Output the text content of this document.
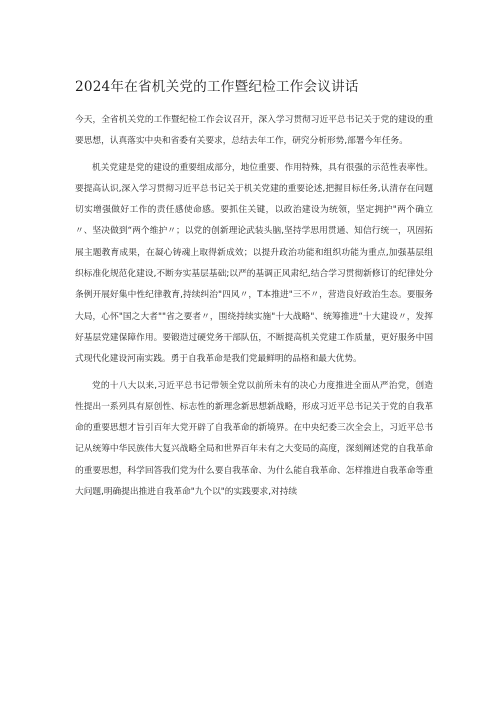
2024年在省机关党的工作暨纪检工作会议讲话

今天，全省机关党的工作暨纪检工作会议召开，深入学习贯彻习近平总书记关于党的建设的重要思想，认真落实中央和省委有关要求，总结去年工作，研究分析形势,部署今年任务。

机关党建是党的建设的重要组成部分，地位重要、作用特殊，具有很强的示范性表率性。要提高认识,深入学习贯彻习近平总书记关于机关党建的重要论述,把握目标任务,认清存在问题切实增强做好工作的责任感使命感。要抓住关键，以政治建设为统领，坚定拥护"两个确立〃、坚决做到“两个维护〃；以党的创新理论武装头脑,坚持学思用贯通、知信行统一，巩固拓展主题教育成果，在凝心铸魂上取得新成效；以提升政治功能和组织功能为重点,加强基层组织标准化规范化建设,不断夯实基层基础;以严的基调正风肃纪,结合学习贯彻新修订的纪律处分条例开展好集中性纪律教育,持续纠治"四风〃，T本推进"三不〃，营造良好政治生态。要服务大局，心怀"国之大者""省之要者〃，围绕持续实施"十大战略"、统筹推进“十大建设〃，发挥好基层党建保障作用。要锻造过硬党务干部队伍，不断提高机关党建工作质量，更好服务中国式现代化建设河南实践。勇于自我革命是我们党最鲜明的品格和最大优势。

党的十八大以来,习近平总书记带领全党以前所未有的决心力度推进全面从严治党，创造性提出一系列具有原创性、标志性的新理念新思想新战略，形成习近平总书记关于党的自我革命的重要思想才旨引百年大党开辟了自我革命的新境界。在中央纪委三次全会上，习近平总书记从统筹中华民族伟大复兴战略全局和世界百年未有之大变局的高度，深刻阐述党的自我革命的重要思想，科学回答我们党为什么要自我革命、为什么能自我革命、怎样推进自我革命等重大问题,明确提出推进自我革命"九个以"的实践要求,对持续
